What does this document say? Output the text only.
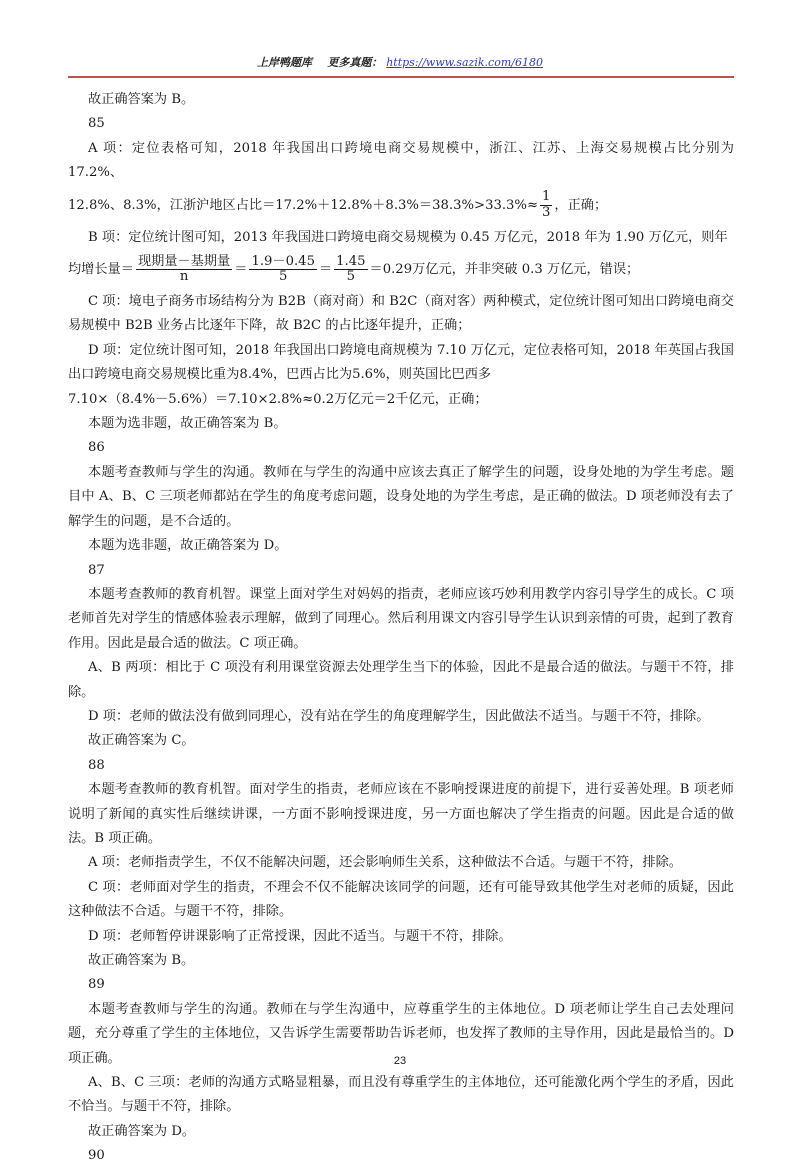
上岸鸭题库 更多真题： https://www.sazik.com/6180

故正确答案为 B。

85

A 项：定位表格可知，2018 年我国出口跨境电商交易规模中，浙江、江苏、上海交易规模占比分别为17.2%、

12.8%、8.3%，江浙沪地区占比$=17.2\%+12.8\%+8.3\%=38.3\%>33.3\%\approx \frac{1}{3}$ ，正确；

B 项：定位统计图可知，2013 年我国进口跨境电商交易规模为 0.45 万亿元，2018 年为 1.90 万亿元，则年

均增长量＝ $\frac{\text{现期量－基期量}}{n} = \frac{1.9-0.45}{5} = \frac{1.45}{5} =0.29$万亿元，并非突破 0.3 万亿元，错误；

C 项：境电子商务市场结构分为 B2B（商对商）和 B2C（商对客）两种模式，定位统计图可知出口跨境电商交易规模中 B2B 业务占比逐年下降，故 B2C 的占比逐年提升，正确；

D 项：定位统计图可知，2018 年我国出口跨境电商规模为 7.10 万亿元，定位表格可知，2018 年英国占我国出口跨境电商交易规模比重为8.4%，巴西占比为5.6%，则英国比巴西多

7.10×（8.4%－5.6%）＝7.10×2.8%≈0.2万亿元＝2千亿元，正确；

本题为选非题，故正确答案为 B。

86

本题考查教师与学生的沟通。教师在与学生的沟通中应该去真正了解学生的问题，设身处地的为学生考虑。题目中 A、B、C 三项老师都站在学生的角度考虑问题，设身处地的为学生考虑，是正确的做法。D 项老师没有去了解学生的问题，是不合适的。

本题为选非题，故正确答案为 D。

87

本题考查教师的教育机智。课堂上面对学生对妈妈的指责，老师应该巧妙利用教学内容引导学生的成长。C 项老师首先对学生的情感体验表示理解，做到了同理心。然后利用课文内容引导学生认识到亲情的可贵，起到了教育作用。因此是最合适的做法。C 项正确。

A、B 两项：相比于 C 项没有利用课堂资源去处理学生当下的体验，因此不是最合适的做法。与题干不符，排除。

D 项：老师的做法没有做到同理心，没有站在学生的角度理解学生，因此做法不适当。与题干不符，排除。

故正确答案为 C。

88

本题考查教师的教育机智。面对学生的指责，老师应该在不影响授课进度的前提下，进行妥善处理。B 项老师说明了新闻的真实性后继续讲课，一方面不影响授课进度，另一方面也解决了学生指责的问题。因此是合适的做法。B 项正确。

A 项：老师指责学生，不仅不能解决问题，还会影响师生关系，这种做法不合适。与题干不符，排除。

C 项：老师面对学生的指责，不理会不仅不能解决该同学的问题，还有可能导致其他学生对老师的质疑，因此这种做法不合适。与题干不符，排除。

D 项：老师暂停讲课影响了正常授课，因此不适当。与题干不符，排除。

故正确答案为 B。

89

本题考查教师与学生的沟通。教师在与学生沟通中，应尊重学生的主体地位。D 项老师让学生自己去处理问题，充分尊重了学生的主体地位，又告诉学生需要帮助告诉老师，也发挥了教师的主导作用，因此是最恰当的。D 项正确。

A、B、C 三项：老师的沟通方式略显粗暴，而且没有尊重学生的主体地位，还可能激化两个学生的矛盾，因此不恰当。与题干不符，排除。

故正确答案为 D。

90

23
